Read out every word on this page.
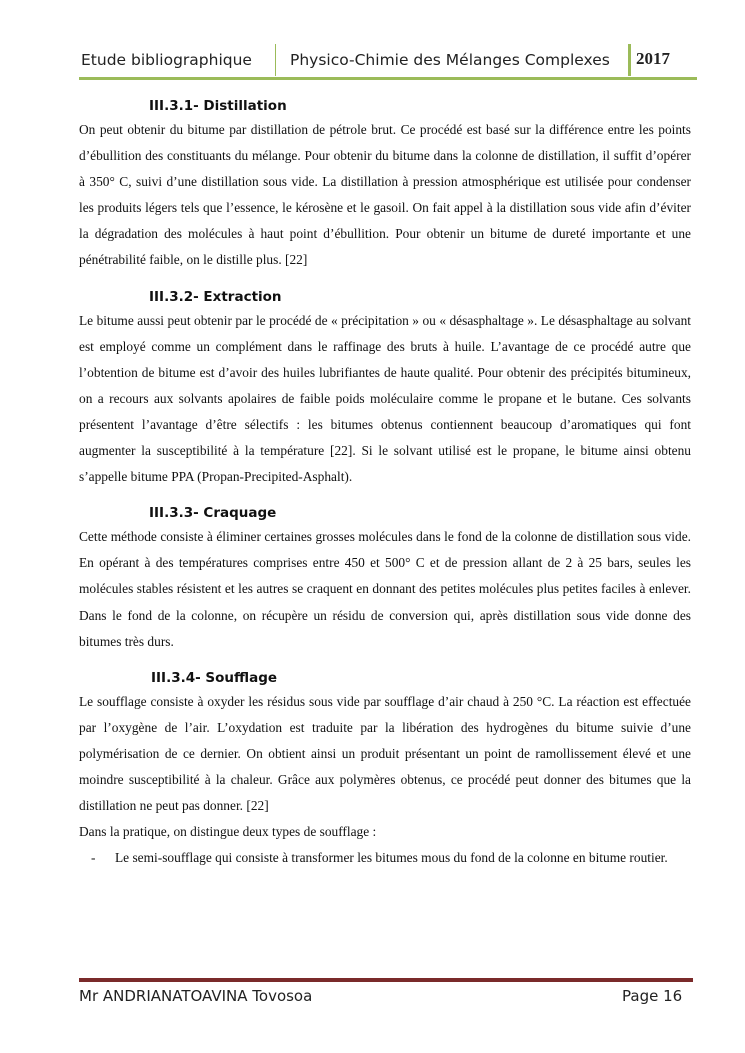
Etude bibliographique Physico-Chimie des Mélanges Complexes 2017
III.3.1- Distillation

On peut obtenir du bitume par distillation de pétrole brut. Ce procédé est basé sur la différence entre les points d’ébullition des constituants du mélange. Pour obtenir du bitume dans la colonne de distillation, il suffit d’opérer à 350° C, suivi d’une distillation sous vide. La distillation à pression atmosphérique est utilisée pour condenser les produits légers tels que l’essence, le kérosène et le gasoil. On fait appel à la distillation sous vide afin d’éviter la dégradation des molécules à haut point d’ébullition. Pour obtenir un bitume de dureté importante et une pénétrabilité faible, on le distille plus. [22]

III.3.2- Extraction

Le bitume aussi peut obtenir par le procédé de « précipitation » ou « désasphaltage ». Le désasphaltage au solvant est employé comme un complément dans le raffinage des bruts à huile. L’avantage de ce procédé autre que l’obtention de bitume est d’avoir des huiles lubrifiantes de haute qualité. Pour obtenir des précipités bitumineux, on a recours aux solvants apolaires de faible poids moléculaire comme le propane et le butane. Ces solvants présentent l’avantage d’être sélectifs : les bitumes obtenus contiennent beaucoup d’aromatiques qui font augmenter la susceptibilité à la température [22]. Si le solvant utilisé est le propane, le bitume ainsi obtenu s’appelle bitume PPA (Propan-Precipited-Asphalt).

III.3.3- Craquage

Cette méthode consiste à éliminer certaines grosses molécules dans le fond de la colonne de distillation sous vide. En opérant à des températures comprises entre 450 et 500° C et de pression allant de 2 à 25 bars, seules les molécules stables résistent et les autres se craquent en donnant des petites molécules plus petites faciles à enlever. Dans le fond de la colonne, on récupère un résidu de conversion qui, après distillation sous vide donne des bitumes très durs.

III.3.4- Soufflage

Le soufflage consiste à oxyder les résidus sous vide par soufflage d’air chaud à 250 °C. La réaction est effectuée par l’oxygène de l’air. L’oxydation est traduite par la libération des hydrogènes du bitume suivie d’une polymérisation de ce dernier. On obtient ainsi un produit présentant un point de ramollissement élevé et une moindre susceptibilité à la chaleur. Grâce aux polymères obtenus, ce procédé peut donner des bitumes que la distillation ne peut pas donner. [22]

Dans la pratique, on distingue deux types de soufflage :

- Le semi-soufflage qui consiste à transformer les bitumes mous du fond de la colonne en bitume routier.
Mr ANDRIANATOAVINA Tovosoa	Page 16
